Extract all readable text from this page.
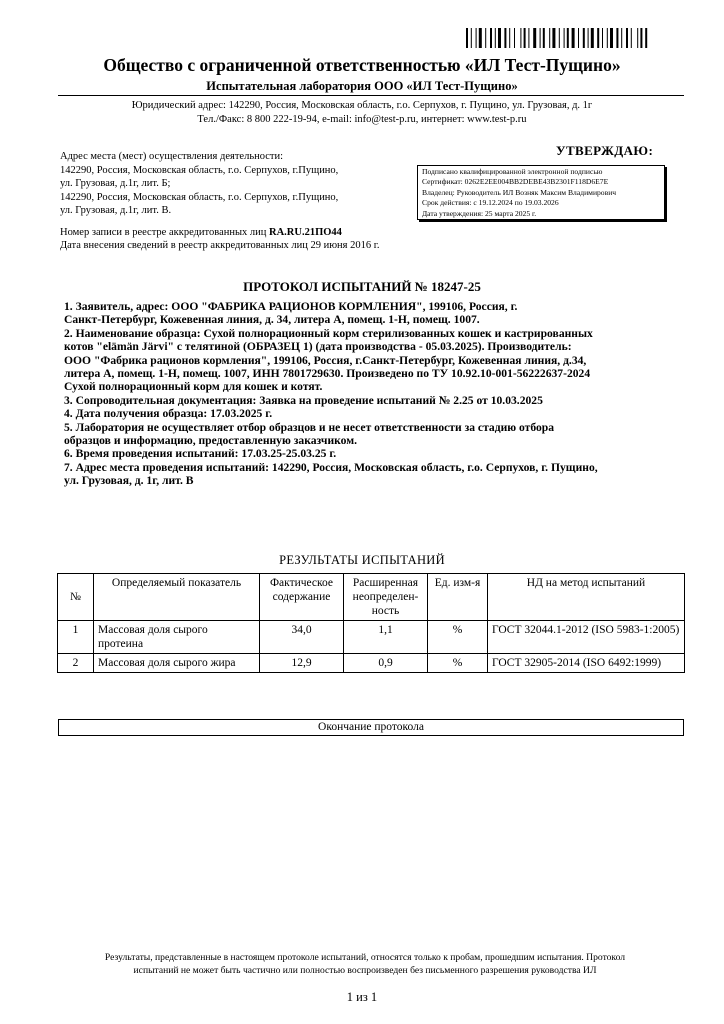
Общество с ограниченной ответственностью «ИЛ Тест-Пущино»
Испытательная лаборатория ООО «ИЛ Тест-Пущино»
Юридический адрес: 142290, Россия, Московская область, г.о. Серпухов, г. Пущино, ул. Грузовая, д. 1г
Тел./Факс: 8 800 222-19-94, e-mail: info@test-p.ru, интернет: www.test-p.ru
Адрес места (мест) осуществления деятельности:
142290, Россия, Московская область, г.о. Серпухов, г.Пущино,
ул. Грузовая, д.1г, лит. Б;
142290, Россия, Московская область, г.о. Серпухов, г.Пущино,
ул. Грузовая, д.1г, лит. В.
Номер записи в реестре аккредитованных лиц RA.RU.21ПО44
Дата внесения сведений в реестр аккредитованных лиц 29 июня 2016 г.
УТВЕРЖДАЮ:
Подписано квалифицированной электронной подписью
Сертификат: 0262E2EE004BB2DEBE43B2301F118D6E7E
Владелец: Руководитель ИЛ Возняк Максим Владимирович
Срок действия: с 19.12.2024 по 19.03.2026
Дата утверждения: 25 марта 2025 г.
ПРОТОКОЛ ИСПЫТАНИЙ № 18247-25
1. Заявитель, адрес: ООО "ФАБРИКА РАЦИОНОВ КОРМЛЕНИЯ", 199106, Россия, г.
Санкт-Петербург, Кожевенная линия, д. 34, литера А, помещ. 1-Н, помещ. 1007.
2. Наименование образца: Сухой полнорационный корм стерилизованных кошек и кастрированных
котов "elämän Järvi" с телятиной (ОБРАЗЕЦ 1) (дата производства - 05.03.2025). Производитель:
ООО "Фабрика рационов кормления", 199106, Россия, г.Санкт-Петербург, Кожевенная линия, д.34,
литера А, помещ. 1-Н, помещ. 1007, ИНН 7801729630. Произведено по ТУ 10.92.10-001-56222637-2024
Сухой полнорационный корм для кошек и котят.
3. Сопроводительная документация: Заявка на проведение испытаний № 2.25 от 10.03.2025
4. Дата получения образца: 17.03.2025 г.
5. Лаборатория не осуществляет отбор образцов и не несет ответственности за стадию отбора
образцов и информацию, предоставленную заказчиком.
6. Время проведения испытаний: 17.03.25-25.03.25 г.
7. Адрес места проведения испытаний: 142290, Россия, Московская область, г.о. Серпухов, г. Пущино,
ул. Грузовая, д. 1г, лит. В
РЕЗУЛЬТАТЫ ИСПЫТАНИЙ
№	Определяемый показатель	Фактическое содержание	Расширенная неопределен-ность	Ед. изм-я	НД на метод испытаний
1	Массовая доля сырого протеина	34,0	1,1	%	ГОСТ 32044.1-2012 (ISO 5983-1:2005)
2	Массовая доля сырого жира	12,9	0,9	%	ГОСТ 32905-2014 (ISO 6492:1999)
Окончание протокола
Результаты, представленные в настоящем протоколе испытаний, относятся только к пробам, прошедшим испытания. Протокол
испытаний не может быть частично или полностью воспроизведен без письменного разрешения руководства ИЛ
1 из 1
